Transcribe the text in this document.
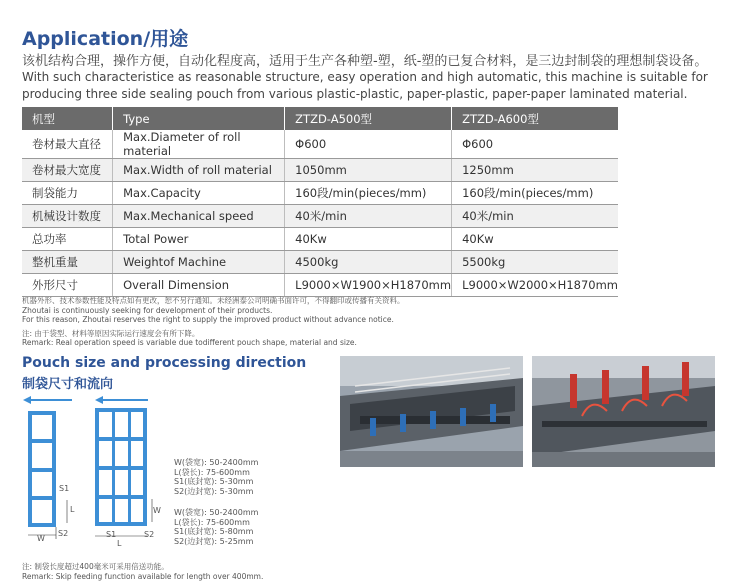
Application/用途
该机结构合理，操作方便，自动化程度高，适用于生产各种塑-塑，纸-塑的已复合材料，是三边封制袋的理想制袋设备。
With such characteristice as reasonable structure, easy operation and high automatic, this machine is suitable for producing three side sealing pouch from various plastic-plastic, paper-plastic, paper-paper laminated material.
机型	Type	ZTZD-A500型	ZTZD-A600型
卷材最大直径	Max.Diameter of roll material	Φ600	Φ600
卷材最大宽度	Max.Width of roll material	1050mm	1250mm
制袋能力	Max.Capacity	160段/min(pieces/mm)	160段/min(pieces/mm)
机械设计数度	Max.Mechanical speed	40米/min	40米/min
总功率	Total Power	40Kw	40Kw
整机重量	Weightof Machine	4500kg	5500kg
外形尺寸	Overall Dimension	L9000×W1900×H1870mm	L9000×W2000×H1870mm
机器外形、技术参数性能及特点如有更改，恕不另行通知。未经洲泰公司明确书面许可，不得翻印或传播有关资料。
Zhoutai is continuously seeking for development of their products.
For this reason, Zhoutai reserves the right to supply the improved product without advance notice.
注: 由于袋型、材料等原因实际运行速度会有所下降。
Remark: Real operation speed is variable due todifferent pouch shape, material and size.
Pouch size and processing direction
制袋尺寸和流向
S1
L
S2
W
W
S1	S2
L
W(袋宽): 50-2400mm
L(袋长): 75-600mm
S1(底封宽): 5-30mm
S2(边封宽): 5-30mm
W(袋宽): 50-2400mm
L(袋长): 75-600mm
S1(底封宽): 5-80mm
S2(边封宽): 5-25mm
注: 制袋长度超过400毫米可采用倍送功能。
Remark: Skip feeding function available for length over 400mm.
